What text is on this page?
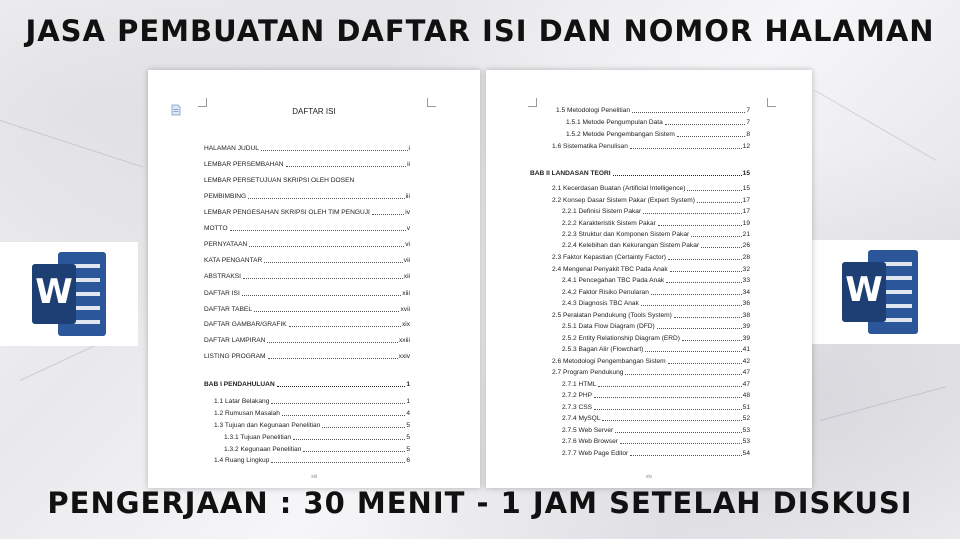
JASA PEMBUATAN DAFTAR ISI DAN NOMOR HALAMAN
W	W
DAFTAR ISI
HALAMAN JUDUL	i
LEMBAR PERSEMBAHAN	ii
LEMBAR PERSETUJUAN SKRIPSI OLEH DOSEN
PEMBIMBING	iii
LEMBAR PENGESAHAN SKRIPSI OLEH TIM PENGUJI	iv
MOTTO	v
PERNYATAAN	vi
KATA PENGANTAR	vii
ABSTRAKSI	xii
DAFTAR ISI	xiii
DAFTAR TABEL	xvii
DAFTAR GAMBAR/GRAFIK	xix
DAFTAR LAMPIRAN	xxiii
LISTING PROGRAM	xxiv
BAB I PENDAHULUAN	1
1.1 Latar Belakang	1
1.2 Rumusan Masalah	4
1.3 Tujuan dan Kegunaan Penelitian	5
1.3.1 Tujuan Penelitian	5
1.3.2 Kegunaan Penelitian	5
1.4 Ruang Lingkup	6
xiii
1.5 Metodologi Penelitian	7
1.5.1 Metode Pengumpulan Data	7
1.5.2 Metode Pengembangan Sistem	8
1.6 Sistematika Penulisan	12
BAB II LANDASAN TEORI	15
2.1 Kecerdasan Buatan (Artificial Intelligence)	15
2.2 Konsep Dasar Sistem Pakar (Expert System)	17
2.2.1 Definisi Sistem Pakar	17
2.2.2 Karakteristik Sistem Pakar	19
2.2.3 Struktur dan Komponen Sistem Pakar	21
2.2.4 Kelebihan dan Kekurangan Sistem Pakar	26
2.3 Faktor Kepastian (Certainty Factor)	28
2.4 Mengenal Penyakit TBC Pada Anak	32
2.4.1 Pencegahan TBC Pada Anak	33
2.4.2 Faktor Risiko Penularan	34
2.4.3 Diagnosis TBC Anak	36
2.5 Peralatan Pendukung (Tools System)	38
2.5.1 Data Flow Diagram (DFD)	39
2.5.2 Entity Relationship Diagram (ERD)	39
2.5.3 Bagan Alir (Flowchart)	41
2.6 Metodologi Pengembangan Sistem	42
2.7 Program Pendukung	47
2.7.1 HTML	47
2.7.2 PHP	48
2.7.3 CSS	51
2.7.4 MySQL	52
2.7.5 Web Server	53
2.7.6 Web Browser	53
2.7.7 Web Page Editor	54
xiv
PENGERJAAN : 30 MENIT - 1 JAM SETELAH DISKUSI
